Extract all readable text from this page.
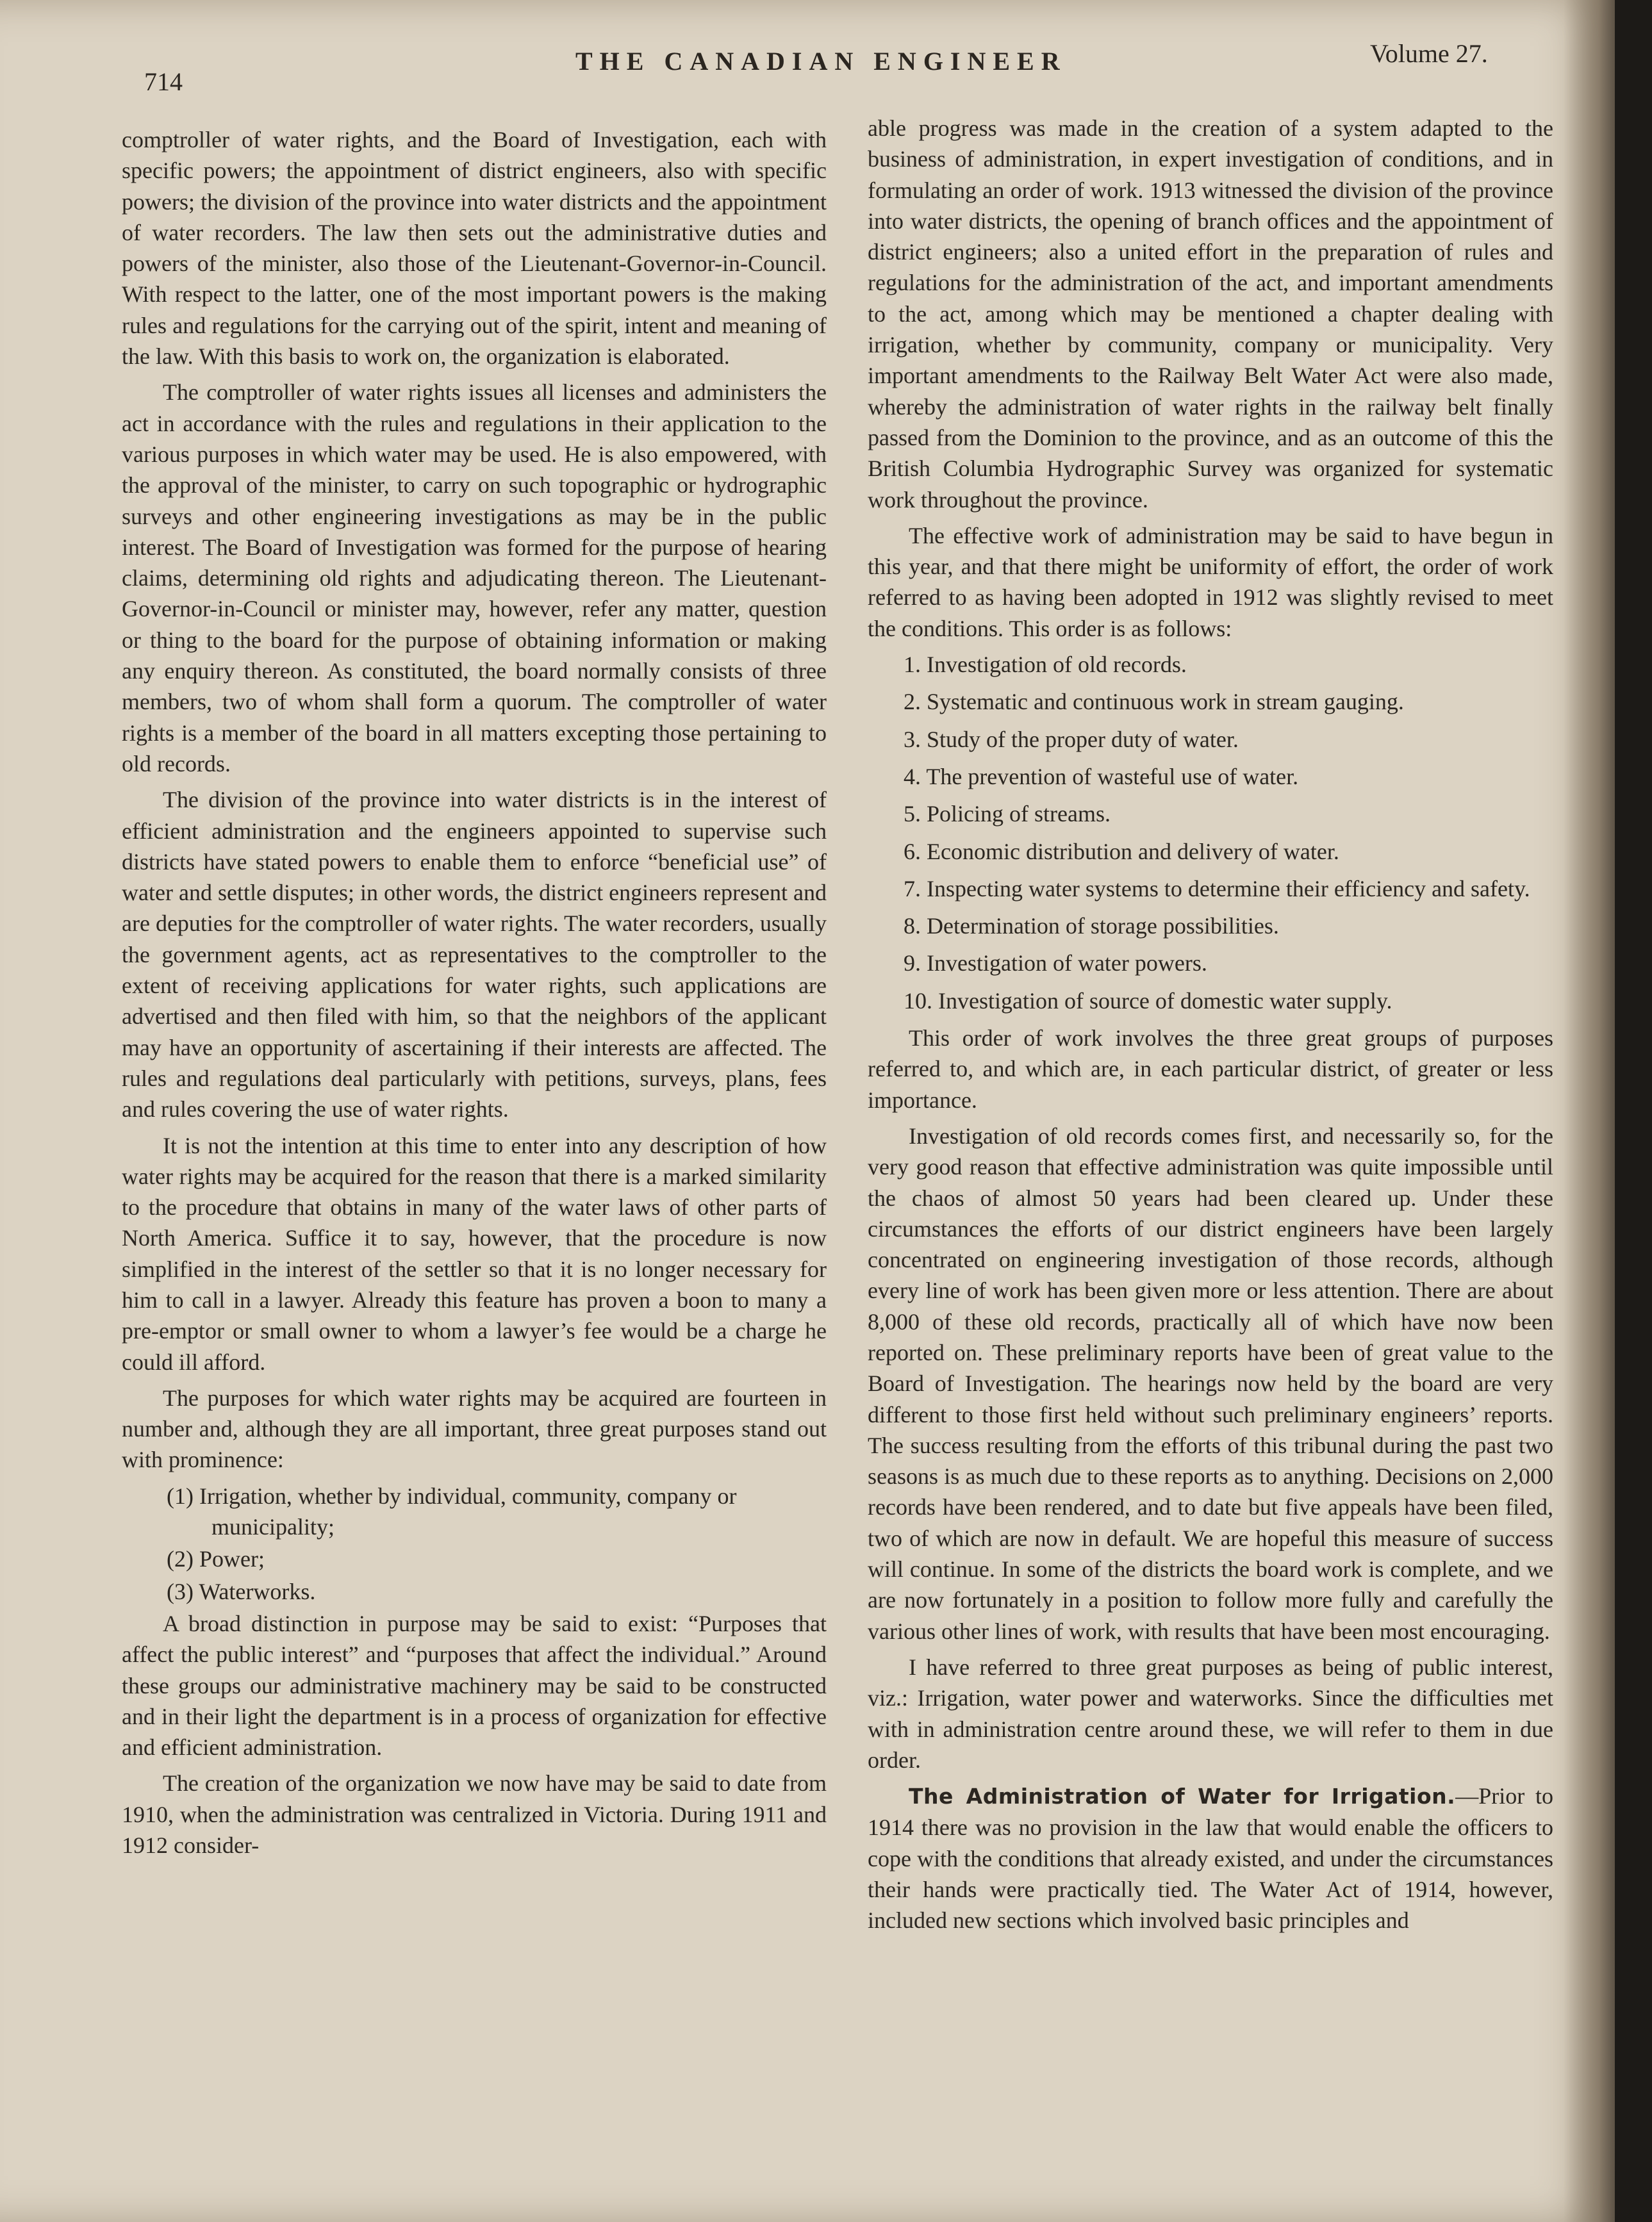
714
THE CANADIAN ENGINEER	Volume 27.

comptroller of water rights, and the Board of Investigation, each with specific powers; the appointment of district engineers, also with specific powers; the division of the province into water districts and the appointment of water recorders. The law then sets out the administrative duties and powers of the minister, also those of the Lieutenant-Governor-in-Council. With respect to the latter, one of the most important powers is the making rules and regulations for the carrying out of the spirit, intent and meaning of the law. With this basis to work on, the organization is elaborated.

The comptroller of water rights issues all licenses and administers the act in accordance with the rules and regulations in their application to the various purposes in which water may be used. He is also empowered, with the approval of the minister, to carry on such topographic or hydrographic surveys and other engineering investigations as may be in the public interest. The Board of Investigation was formed for the purpose of hearing claims, determining old rights and adjudicating thereon. The Lieutenant-Governor-in-Council or minister may, however, refer any matter, question or thing to the board for the purpose of obtaining information or making any enquiry thereon. As constituted, the board normally consists of three members, two of whom shall form a quorum. The comptroller of water rights is a member of the board in all matters excepting those pertaining to old records.

The division of the province into water districts is in the interest of efficient administration and the engineers appointed to supervise such districts have stated powers to enable them to enforce “beneficial use” of water and settle disputes; in other words, the district engineers represent and are deputies for the comptroller of water rights. The water recorders, usually the government agents, act as representatives to the comptroller to the extent of receiving applications for water rights, such applications are advertised and then filed with him, so that the neighbors of the applicant may have an opportunity of ascertaining if their interests are affected. The rules and regulations deal particularly with petitions, surveys, plans, fees and rules covering the use of water rights.

It is not the intention at this time to enter into any description of how water rights may be acquired for the reason that there is a marked similarity to the procedure that obtains in many of the water laws of other parts of North America. Suffice it to say, however, that the procedure is now simplified in the interest of the settler so that it is no longer necessary for him to call in a lawyer. Already this feature has proven a boon to many a pre-emptor or small owner to whom a lawyer’s fee would be a charge he could ill afford.

The purposes for which water rights may be acquired are fourteen in number and, although they are all important, three great purposes stand out with prominence:

(1) Irrigation, whether by individual, community, company or municipality;
(2) Power;
(3) Waterworks.

A broad distinction in purpose may be said to exist: “Purposes that affect the public interest” and “purposes that affect the individual.” Around these groups our administrative machinery may be said to be constructed and in their light the department is in a process of organization for effective and efficient administration.

The creation of the organization we now have may be said to date from 1910, when the administration was centralized in Victoria. During 1911 and 1912 consider-

able progress was made in the creation of a system adapted to the business of administration, in expert investigation of conditions, and in formulating an order of work. 1913 witnessed the division of the province into water districts, the opening of branch offices and the appointment of district engineers; also a united effort in the preparation of rules and regulations for the administration of the act, and important amendments to the act, among which may be mentioned a chapter dealing with irrigation, whether by community, company or municipality. Very important amendments to the Railway Belt Water Act were also made, whereby the administration of water rights in the railway belt finally passed from the Dominion to the province, and as an outcome of this the British Columbia Hydrographic Survey was organized for systematic work throughout the province.

The effective work of administration may be said to have begun in this year, and that there might be uniformity of effort, the order of work referred to as having been adopted in 1912 was slightly revised to meet the conditions. This order is as follows:

1. Investigation of old records.
2. Systematic and continuous work in stream gauging.
3. Study of the proper duty of water.
4. The prevention of wasteful use of water.
5. Policing of streams.
6. Economic distribution and delivery of water.
7. Inspecting water systems to determine their efficiency and safety.
8. Determination of storage possibilities.
9. Investigation of water powers.
10. Investigation of source of domestic water supply.

This order of work involves the three great groups of purposes referred to, and which are, in each particular district, of greater or less importance.

Investigation of old records comes first, and necessarily so, for the very good reason that effective administration was quite impossible until the chaos of almost 50 years had been cleared up. Under these circumstances the efforts of our district engineers have been largely concentrated on engineering investigation of those records, although every line of work has been given more or less attention. There are about 8,000 of these old records, practically all of which have now been reported on. These preliminary reports have been of great value to the Board of Investigation. The hearings now held by the board are very different to those first held without such preliminary engineers’ reports. The success resulting from the efforts of this tribunal during the past two seasons is as much due to these reports as to anything. Decisions on 2,000 records have been rendered, and to date but five appeals have been filed, two of which are now in default. We are hopeful this measure of success will continue. In some of the districts the board work is complete, and we are now fortunately in a position to follow more fully and carefully the various other lines of work, with results that have been most encouraging.

I have referred to three great purposes as being of public interest, viz.: Irrigation, water power and waterworks. Since the difficulties met with in administration centre around these, we will refer to them in due order.

The Administration of Water for Irrigation.—Prior to 1914 there was no provision in the law that would enable the officers to cope with the conditions that already existed, and under the circumstances their hands were practically tied. The Water Act of 1914, however, included new sections which involved basic principles and
